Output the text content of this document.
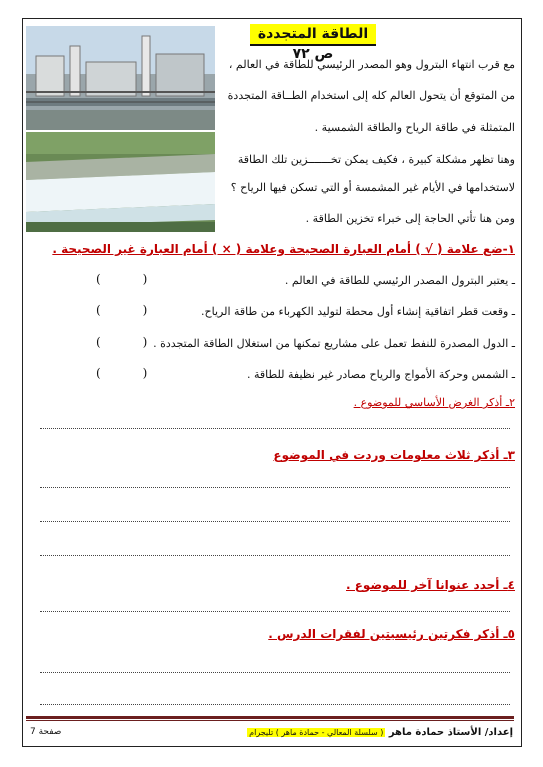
الطاقة المتجددة ص ٧٢
مع قرب انتهاء البترول وهو المصدر الرئيسي للطاقة في العالم ،
من المتوقع أن يتحول العالم كله إلى استخدام الطــاقة المتجددة
المتمثلة في طاقة الرياح والطاقة الشمسية .
وهنا تظهر مشكلة كبيرة ، فكيف يمكن تخـــــــزين تلك الطاقة
لاستخدامها في الأيام غير المشمسة أو التي تسكن فيها الرياح ؟
ومن هنا تأتي الحاجة إلى خبراء تخزين الطاقة .
١-ضع علامة ( √ ) أمام العبارة الصحيحة وعلامة ( × ) أمام العبارة غير الصحيحة .
ـ يعتبر البترول المصدر الرئيسي للطاقة في العالم .
(           )
ـ وقعت قطر اتفاقية إنشاء أول محطة لتوليد الكهرباء من طاقة الرياح.
(           )
ـ الدول المصدرة للنفط تعمل على مشاريع تمكنها من استغلال الطاقة المتجددة .
(           )
ـ الشمس وحركة الأمواج والرياح مصادر غير نظيفة للطاقة .
(           )
٢ـ أذكر الغرض الأساسي للموضوع .
٣ـ أذكر ثلاث معلومات وردت في الموضوع
٤ـ أحدد عنوانا آخر للموضوع .
٥ـ أذكر فكرتين رئيسيتين لفقرات الدرس .
إعداد/ الأستاذ حمادة ماهر ( سلسلة المعالي - حمادة ماهر ) تليجرام
صفحة 7
